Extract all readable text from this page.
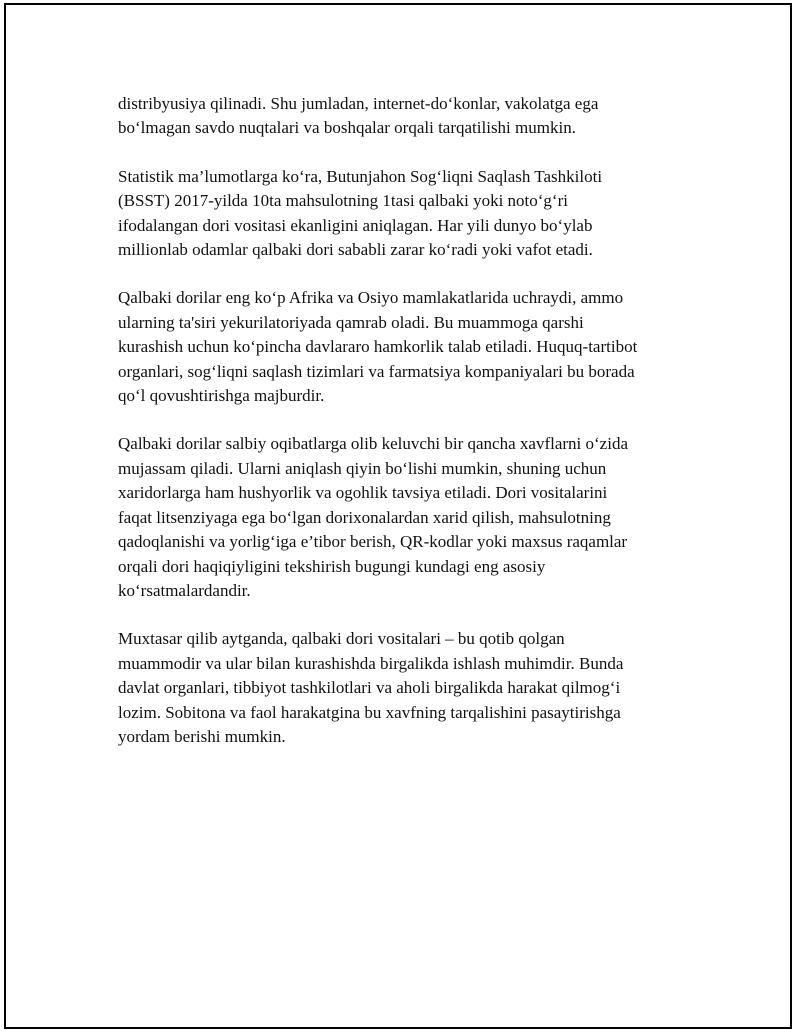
distribyusiya qilinadi. Shu jumladan, internet-do‘konlar, vakolatga ega
bo‘lmagan savdo nuqtalari va boshqalar orqali tarqatilishi mumkin.

Statistik ma’lumotlarga ko‘ra, Butunjahon Sog‘liqni Saqlash Tashkiloti
(BSST) 2017-yilda 10ta mahsulotning 1tasi qalbaki yoki noto‘g‘ri
ifodalangan dori vositasi ekanligini aniqlagan. Har yili dunyo bo‘ylab
millionlab odamlar qalbaki dori sababli zarar ko‘radi yoki vafot etadi.

Qalbaki dorilar eng ko‘p Afrika va Osiyo mamlakatlarida uchraydi, ammo
ularning ta'siri yekurilatoriyada qamrab oladi. Bu muammoga qarshi
kurashish uchun ko‘pincha davlararo hamkorlik talab etiladi. Huquq-tartibot
organlari, sog‘liqni saqlash tizimlari va farmatsiya kompaniyalari bu borada
qo‘l qovushtirishga majburdir.

Qalbaki dorilar salbiy oqibatlarga olib keluvchi bir qancha xavflarni o‘zida
mujassam qiladi. Ularni aniqlash qiyin bo‘lishi mumkin, shuning uchun
xaridorlarga ham hushyorlik va ogohlik tavsiya etiladi. Dori vositalarini
faqat litsenziyaga ega bo‘lgan dorixonalardan xarid qilish, mahsulotning
qadoqlanishi va yorlig‘iga e’tibor berish, QR-kodlar yoki maxsus raqamlar
orqali dori haqiqiyligini tekshirish bugungi kundagi eng asosiy
ko‘rsatmalardandir.

Muxtasar qilib aytganda, qalbaki dori vositalari – bu qotib qolgan
muammodir va ular bilan kurashishda birgalikda ishlash muhimdir. Bunda
davlat organlari, tibbiyot tashkilotlari va aholi birgalikda harakat qilmog‘i
lozim. Sobitona va faol harakatgina bu xavfning tarqalishini pasaytirishga
yordam berishi mumkin.
